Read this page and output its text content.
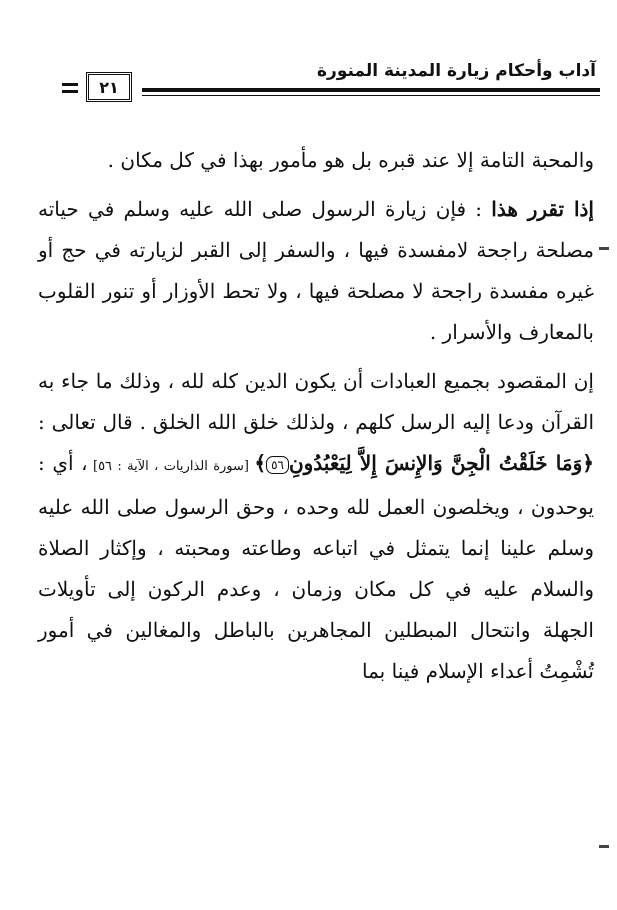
آداب وأحكام زيارة المدينة المنورة
٢١

والمحبة التامة إلا عند قبره بل هو مأمور بهذا في كل مكان .

إذا تقرر هذا : فإن زيارة الرسول صلى الله عليه وسلم في حياته مصلحة راجحة لامفسدة فيها ، والسفر إلى القبر لزيارته في حج أو غيره مفسدة راجحة لا مصلحة فيها ، ولا تحط الأوزار أو تنور القلوب بالمعارف والأسرار .

إن المقصود بجميع العبادات أن يكون الدين كله لله ، وذلك ما جاء به القرآن ودعا إليه الرسل كلهم ، ولذلك خلق الله الخلق . قال تعالى : ﴿وَمَا خَلَقْتُ الْجِنَّ وَالإِنسَ إِلاَّ لِيَعْبُدُونِ٥٦﴾ [سورة الذاريات ، الآية : ٥٦] ، أي : يوحدون ، ويخلصون العمل لله وحده ، وحق الرسول صلى الله عليه وسلم علينا إنما يتمثل في اتباعه وطاعته ومحبته ، وإكثار الصلاة والسلام عليه في كل مكان وزمان ، وعدم الركون إلى تأويلات الجهلة وانتحال المبطلين المجاهرين بالباطل والمغالين في أمور تُشْمِتُ أعداء الإسلام فينا بما
